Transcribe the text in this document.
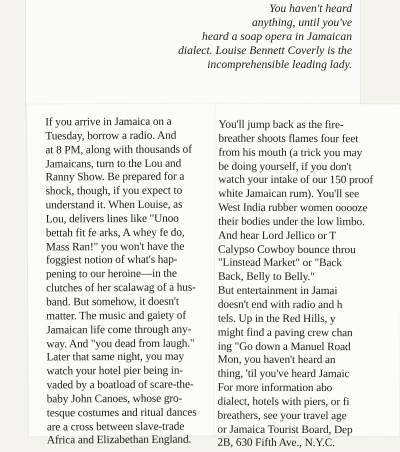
You haven't heard
anything, until you've
heard a soap opera in Jamaican
dialect. Louise Bennett Coverly is the
incomprehensible leading lady.

If you arrive in Jamaica on a
Tuesday, borrow a radio. And
at 8 PM, along with thousands of
Jamaicans, turn to the Lou and
Ranny Show. Be prepared for a
shock, though, if you expect to
understand it. When Louise, as
Lou, delivers lines like "Unoo
bettah fit fe arks, A whey fe do,
Mass Ran!" you won't have the
foggiest notion of what's hap-
pening to our heroine—in the
clutches of her scalawag of a hus-
band. But somehow, it doesn't
matter. The music and gaiety of
Jamaican life come through any-
way. And "you dead from laugh."
Later that same night, you may
watch your hotel pier being in-
vaded by a boatload of scare-the-
baby John Canoes, whose gro-
tesque costumes and ritual dances
are a cross between slave-trade
Africa and Elizabethan England.
You'll jump back as the fire-
breather shoots flames four feet
from his mouth (a trick you may
be doing yourself, if you don't
watch your intake of our 150 proof
white Jamaican rum). You'll see
West India rubber women ooooze
their bodies under the low limbo.
And hear Lord Jellico or T
Calypso Cowboy bounce throu
"Linstead Market" or "Back
Back, Belly to Belly."
But entertainment in Jamai
doesn't end with radio and h
tels. Up in the Red Hills, y
might find a paving crew chan
ing "Go down a Manuel Road
Mon, you haven't heard an
thing, 'til you've heard Jamaic
For more information abo
dialect, hotels with piers, or fi
breathers, see your travel age
or Jamaica Tourist Board, Dep
2B, 630 Fifth Ave., N.Y.C.
